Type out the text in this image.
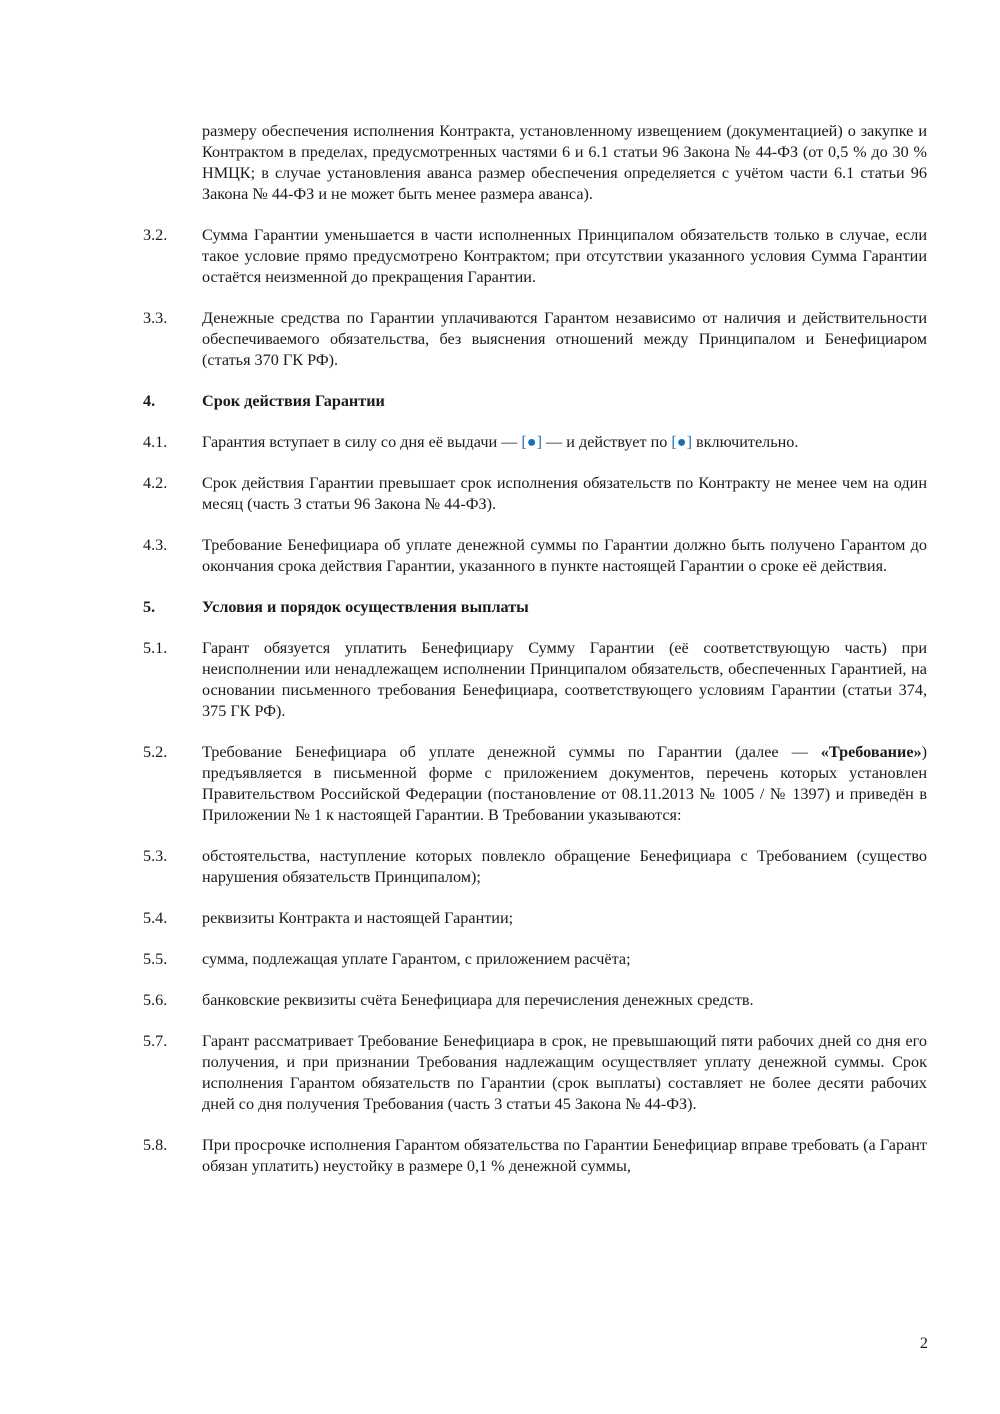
размеру обеспечения исполнения Контракта, установленному извещением (документацией) о закупке и Контрактом в пределах, предусмотренных частями 6 и 6.1 статьи 96 Закона № 44-ФЗ (от 0,5 % до 30 % НМЦК; в случае установления аванса размер обеспечения определяется с учётом части 6.1 статьи 96 Закона № 44-ФЗ и не может быть менее размера аванса).
3.2.	Сумма Гарантии уменьшается в части исполненных Принципалом обязательств только в случае, если такое условие прямо предусмотрено Контрактом; при отсутствии указанного условия Сумма Гарантии остаётся неизменной до прекращения Гарантии.
3.3.	Денежные средства по Гарантии уплачиваются Гарантом независимо от наличия и действительности обеспечиваемого обязательства, без выяснения отношений между Принципалом и Бенефициаром (статья 370 ГК РФ).
4.	Срок действия Гарантии
4.1.	Гарантия вступает в силу со дня её выдачи — [●] — и действует по [●] включительно.
4.2.	Срок действия Гарантии превышает срок исполнения обязательств по Контракту не менее чем на один месяц (часть 3 статьи 96 Закона № 44-ФЗ).
4.3.	Требование Бенефициара об уплате денежной суммы по Гарантии должно быть получено Гарантом до окончания срока действия Гарантии, указанного в пункте настоящей Гарантии о сроке её действия.
5.	Условия и порядок осуществления выплаты
5.1.	Гарант обязуется уплатить Бенефициару Сумму Гарантии (её соответствующую часть) при неисполнении или ненадлежащем исполнении Принципалом обязательств, обеспеченных Гарантией, на основании письменного требования Бенефициара, соответствующего условиям Гарантии (статьи 374, 375 ГК РФ).
5.2.	Требование Бенефициара об уплате денежной суммы по Гарантии (далее — «Требование») предъявляется в письменной форме с приложением документов, перечень которых установлен Правительством Российской Федерации (постановление от 08.11.2013 № 1005 / № 1397) и приведён в Приложении № 1 к настоящей Гарантии. В Требовании указываются:
5.3.	обстоятельства, наступление которых повлекло обращение Бенефициара с Требованием (существо нарушения обязательств Принципалом);
5.4.	реквизиты Контракта и настоящей Гарантии;
5.5.	сумма, подлежащая уплате Гарантом, с приложением расчёта;
5.6.	банковские реквизиты счёта Бенефициара для перечисления денежных средств.
5.7.	Гарант рассматривает Требование Бенефициара в срок, не превышающий пяти рабочих дней со дня его получения, и при признании Требования надлежащим осуществляет уплату денежной суммы. Срок исполнения Гарантом обязательств по Гарантии (срок выплаты) составляет не более десяти рабочих дней со дня получения Требования (часть 3 статьи 45 Закона № 44-ФЗ).
5.8.	При просрочке исполнения Гарантом обязательства по Гарантии Бенефициар вправе требовать (а Гарант обязан уплатить) неустойку в размере 0,1 % денежной суммы,
2
